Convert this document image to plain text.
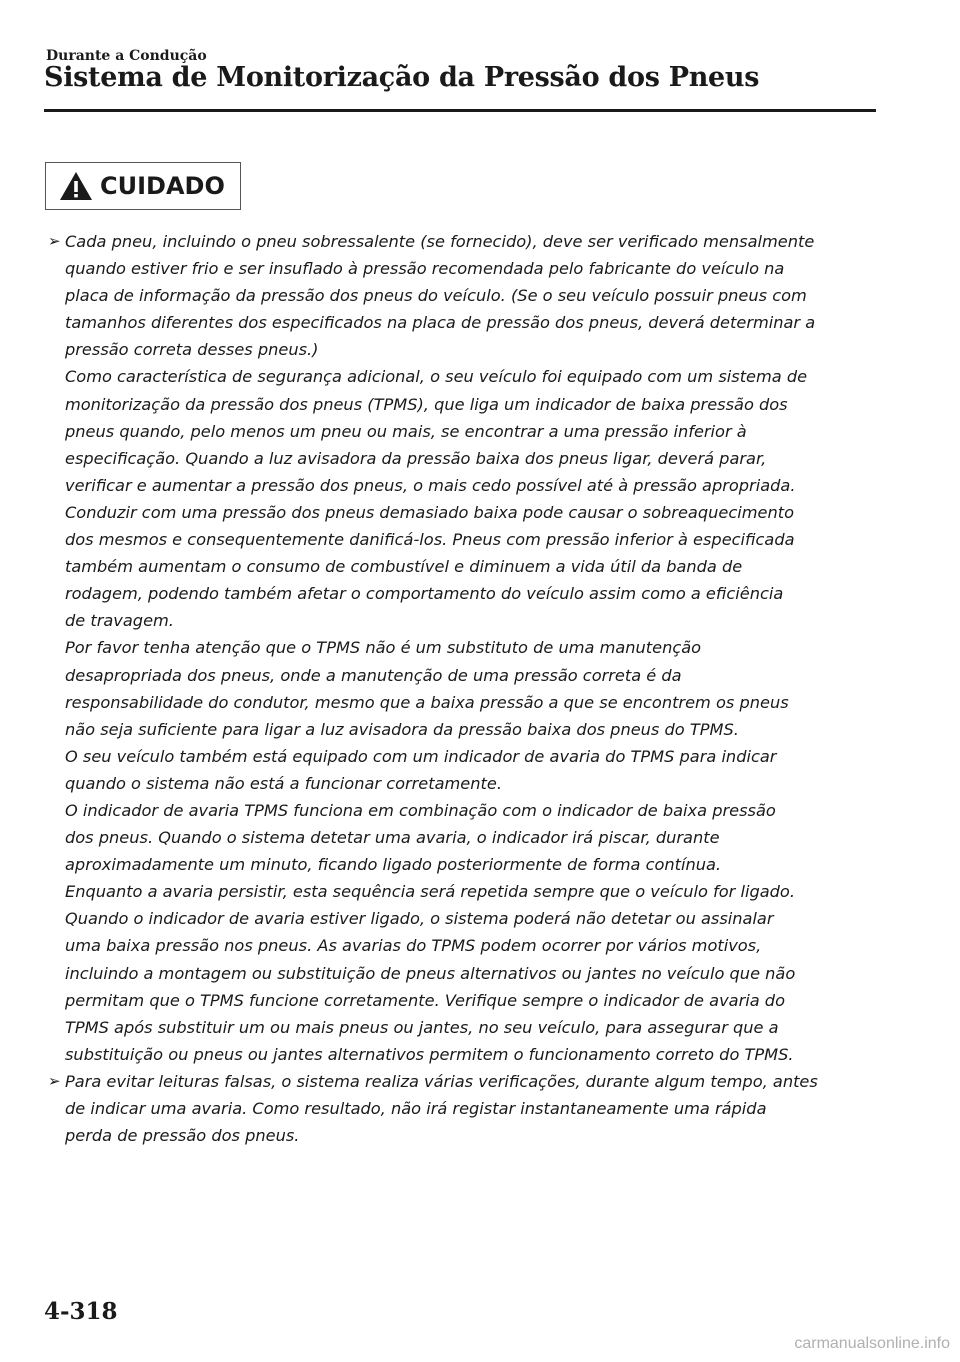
Durante a Condução
Sistema de Monitorização da Pressão dos Pneus
CUIDADO
➢ Cada pneu, incluindo o pneu sobressalente (se fornecido), deve ser verificado mensalmente
quando estiver frio e ser insuflado à pressão recomendada pelo fabricante do veículo na
placa de informação da pressão dos pneus do veículo. (Se o seu veículo possuir pneus com
tamanhos diferentes dos especificados na placa de pressão dos pneus, deverá determinar a
pressão correta desses pneus.)
Como característica de segurança adicional, o seu veículo foi equipado com um sistema de
monitorização da pressão dos pneus (TPMS), que liga um indicador de baixa pressão dos
pneus quando, pelo menos um pneu ou mais, se encontrar a uma pressão inferior à
especificação. Quando a luz avisadora da pressão baixa dos pneus ligar, deverá parar,
verificar e aumentar a pressão dos pneus, o mais cedo possível até à pressão apropriada.
Conduzir com uma pressão dos pneus demasiado baixa pode causar o sobreaquecimento
dos mesmos e consequentemente danificá-los. Pneus com pressão inferior à especificada
também aumentam o consumo de combustível e diminuem a vida útil da banda de
rodagem, podendo também afetar o comportamento do veículo assim como a eficiência
de travagem.
Por favor tenha atenção que o TPMS não é um substituto de uma manutenção
desapropriada dos pneus, onde a manutenção de uma pressão correta é da
responsabilidade do condutor, mesmo que a baixa pressão a que se encontrem os pneus
não seja suficiente para ligar a luz avisadora da pressão baixa dos pneus do TPMS.
O seu veículo também está equipado com um indicador de avaria do TPMS para indicar
quando o sistema não está a funcionar corretamente.
O indicador de avaria TPMS funciona em combinação com o indicador de baixa pressão
dos pneus. Quando o sistema detetar uma avaria, o indicador irá piscar, durante
aproximadamente um minuto, ficando ligado posteriormente de forma contínua.
Enquanto a avaria persistir, esta sequência será repetida sempre que o veículo for ligado.
Quando o indicador de avaria estiver ligado, o sistema poderá não detetar ou assinalar
uma baixa pressão nos pneus. As avarias do TPMS podem ocorrer por vários motivos,
incluindo a montagem ou substituição de pneus alternativos ou jantes no veículo que não
permitam que o TPMS funcione corretamente. Verifique sempre o indicador de avaria do
TPMS após substituir um ou mais pneus ou jantes, no seu veículo, para assegurar que a
substituição ou pneus ou jantes alternativos permitem o funcionamento correto do TPMS.
➢ Para evitar leituras falsas, o sistema realiza várias verificações, durante algum tempo, antes
de indicar uma avaria. Como resultado, não irá registar instantaneamente uma rápida
perda de pressão dos pneus.
4-318
carmanualsonline.info
